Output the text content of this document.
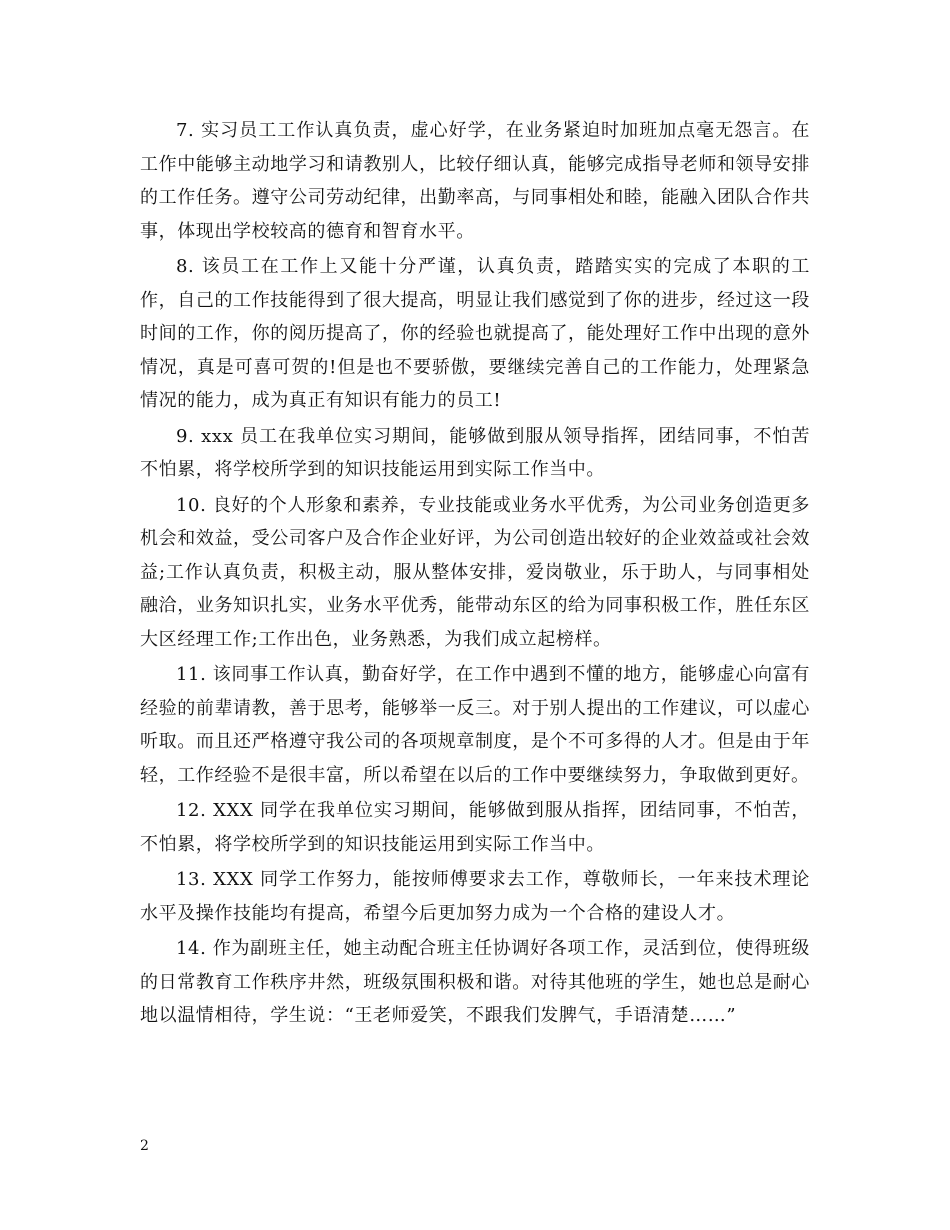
7. 实习员工工作认真负责，虚心好学，在业务紧迫时加班加点毫无怨言。在工作中能够主动地学习和请教别人，比较仔细认真，能够完成指导老师和领导安排的工作任务。遵守公司劳动纪律，出勤率高，与同事相处和睦，能融入团队合作共事，体现出学校较高的德育和智育水平。

8. 该员工在工作上又能十分严谨，认真负责，踏踏实实的完成了本职的工作，自己的工作技能得到了很大提高，明显让我们感觉到了你的进步，经过这一段时间的工作，你的阅历提高了，你的经验也就提高了，能处理好工作中出现的意外情况，真是可喜可贺的!但是也不要骄傲，要继续完善自己的工作能力，处理紧急情况的能力，成为真正有知识有能力的员工!

9. xxx 员工在我单位实习期间，能够做到服从领导指挥，团结同事，不怕苦不怕累，将学校所学到的知识技能运用到实际工作当中。

10. 良好的个人形象和素养，专业技能或业务水平优秀，为公司业务创造更多机会和效益，受公司客户及合作企业好评，为公司创造出较好的企业效益或社会效益;工作认真负责，积极主动，服从整体安排，爱岗敬业，乐于助人，与同事相处融洽，业务知识扎实，业务水平优秀，能带动东区的给为同事积极工作，胜任东区大区经理工作;工作出色，业务熟悉，为我们成立起榜样。

11. 该同事工作认真，勤奋好学，在工作中遇到不懂的地方，能够虚心向富有经验的前辈请教，善于思考，能够举一反三。对于别人提出的工作建议，可以虚心听取。而且还严格遵守我公司的各项规章制度，是个不可多得的人才。但是由于年轻，工作经验不是很丰富，所以希望在以后的工作中要继续努力，争取做到更好。

12. XXX 同学在我单位实习期间，能够做到服从指挥，团结同事，不怕苦，不怕累，将学校所学到的知识技能运用到实际工作当中。

13. XXX 同学工作努力，能按师傅要求去工作，尊敬师长，一年来技术理论水平及操作技能均有提高，希望今后更加努力成为一个合格的建设人才。

14. 作为副班主任，她主动配合班主任协调好各项工作，灵活到位，使得班级的日常教育工作秩序井然，班级氛围积极和谐。对待其他班的学生，她也总是耐心地以温情相待，学生说：“王老师爱笑，不跟我们发脾气，手语清楚……”

2
